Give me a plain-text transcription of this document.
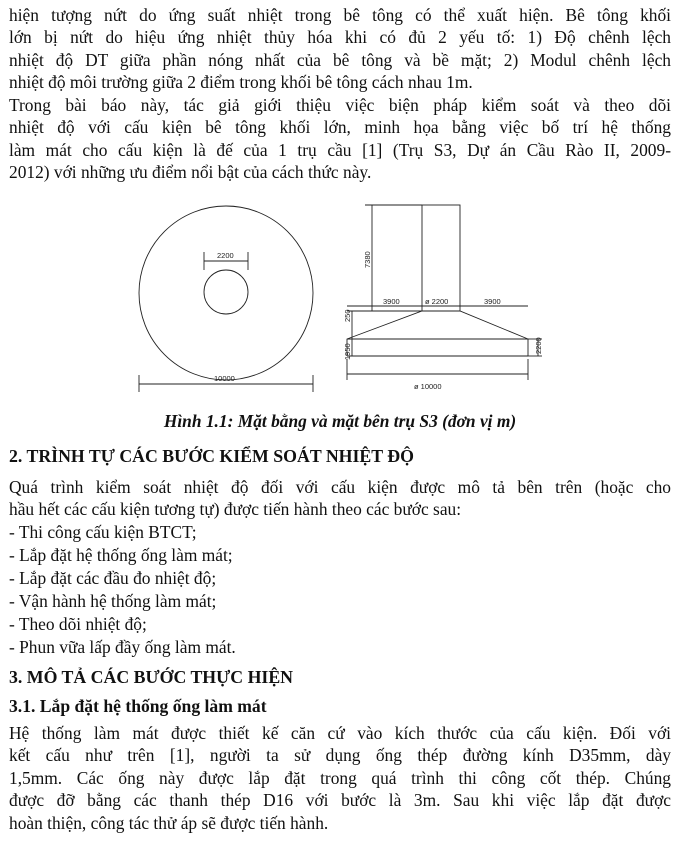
hiện tượng nứt do ứng suất nhiệt trong bê tông có thể xuất hiện. Bê tông khối
lớn bị nứt do hiệu ứng nhiệt thủy hóa khi có đủ 2 yếu tố: 1) Độ chênh lệch
nhiệt độ DT giữa phần nóng nhất của bê tông và bề mặt; 2) Modul chênh lệch
nhiệt độ môi trường giữa 2 điểm trong khối bê tông cách nhau 1m.
Trong bài báo này, tác giả giới thiệu việc biện pháp kiểm soát và theo dõi
nhiệt độ với cấu kiện bê tông khối lớn, minh họa bằng việc bố trí hệ thống
làm mát cho cấu kiện là đế của 1 trụ cầu [1] (Trụ S3, Dự án Cầu Rào II, 2009-
2012) với những ưu điểm nổi bật của cách thức này.
2200
10000
7380
3900	ø 2200	3900
250
1950	2200
ø 10000
Hình 1.1: Mặt bằng và mặt bên trụ S3 (đơn vị m)
2. TRÌNH TỰ CÁC BƯỚC KIỂM SOÁT NHIỆT ĐỘ
Quá trình kiểm soát nhiệt độ đối với cấu kiện được mô tả bên trên (hoặc cho
hầu hết các cấu kiện tương tự) được tiến hành theo các bước sau:
- Thi công cấu kiện BTCT;
- Lắp đặt hệ thống ống làm mát;
- Lắp đặt các đầu đo nhiệt độ;
- Vận hành hệ thống làm mát;
- Theo dõi nhiệt độ;
- Phun vữa lấp đầy ống làm mát.
3. MÔ TẢ CÁC BƯỚC THỰC HIỆN
3.1. Lắp đặt hệ thống ống làm mát
Hệ thống làm mát được thiết kế căn cứ vào kích thước của cấu kiện. Đối với
kết cấu như trên [1], người ta sử dụng ống thép đường kính D35mm, dày
1,5mm. Các ống này được lắp đặt trong quá trình thi công cốt thép. Chúng
được đỡ bằng các thanh thép D16 với bước là 3m. Sau khi việc lắp đặt được
hoàn thiện, công tác thử áp sẽ được tiến hành.
